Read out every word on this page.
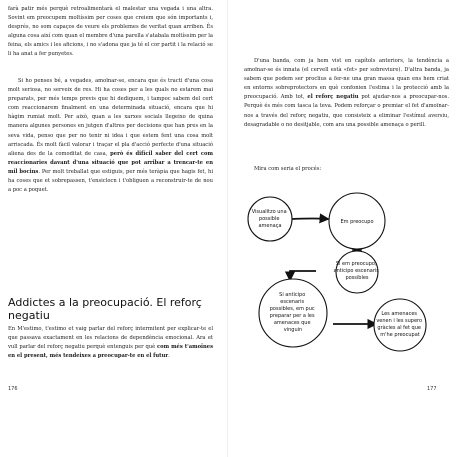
farà patir més perquè retroalimentarà el malestar una vegada i una altra. Sovint em preocupem moltíssim per coses que creiem que són importants i, després, no som capaços de veure els problemes de veritat quan arriben. És alguna cosa així com quan el membre d'una parella s'atabala moltíssim per la feina, els amics i les aficions, i no s'adona que ja té el cor partit i la relació se li ha anat a fer punyetes.

Si ho penses bé, a vegades, amoïnar-se, encara que és tracti d'una cosa molt seriosa, no serveix de res. Hi ha coses per a les quals no estarem mai preparats, per més temps previs que hi dediquem, i tampoc sabem del cert com reaccionarem finalment en una determinada situació, encara que hi hàgim rumiat molt. Per això, quan a les xarxes socials llegeixo de quina manera algunes persones en jutgen d'altres per decisions que han pres en la seva vida, penso que per no tenir ni idea i que estem fent una cosa molt arriscada. És molt fàcil valorar i traçar el pla d'acció perfecte d'una situació aliena des de la comoditat de casa, però és difícil saber del cert com reaccionaries davant d'una situació que pot arribar a trencar-te en mil bocins. Per molt treballat que estiguis, per més teràpia que hagis fet, hi ha coses que et sobrepassen, t'ensiclocn i t'obliguen a reconstruir-te de nou a poc a poquet.

Addictes a la preocupació. El reforç negatiu

En M'estimo, t'estimo et vaig parlar del reforç intermitent per explicar-te el que passava exactament en les relacions de dependència emocional. Ara et vull parlar del reforç negatiu perquè entenguis per què com més t'amoïnes en el present, més tendeixes a preocupar-te en el futur.

176

D'una banda, com ja hem vist en capítols anteriors, la tendència a amoïnar-se és innata (el cervell està «fet» per sobreviure). D'altra banda, ja sabem que podem ser proclius a fer-ne una gran massa quan ens hem criat en entorns sobreprotectors en què confonien l'estima i la protecció amb la preocupació. Amb tot, el reforç negatiu pot ajudar-nos a preocupar-nos. Perquè és més com tasca la teva. Podem reforçar o premiar el fet d'amoïnar-nos a través del reforç negatiu, que consisteix a eliminar l'estímul aversiu, desagradable o no desitjable, com ara una possible amenaça o perill.

Mira com seria el procés:

Visualitzo una possible amenaça
Em preocupo
Si em preocupo, anticipo escenaris possibles
Si anticipo escenaris possibles, em puc preparar per a les amenaces que vinguin
Les amenaces venen i les supero gràcies al fet que m'he preocupat
177
